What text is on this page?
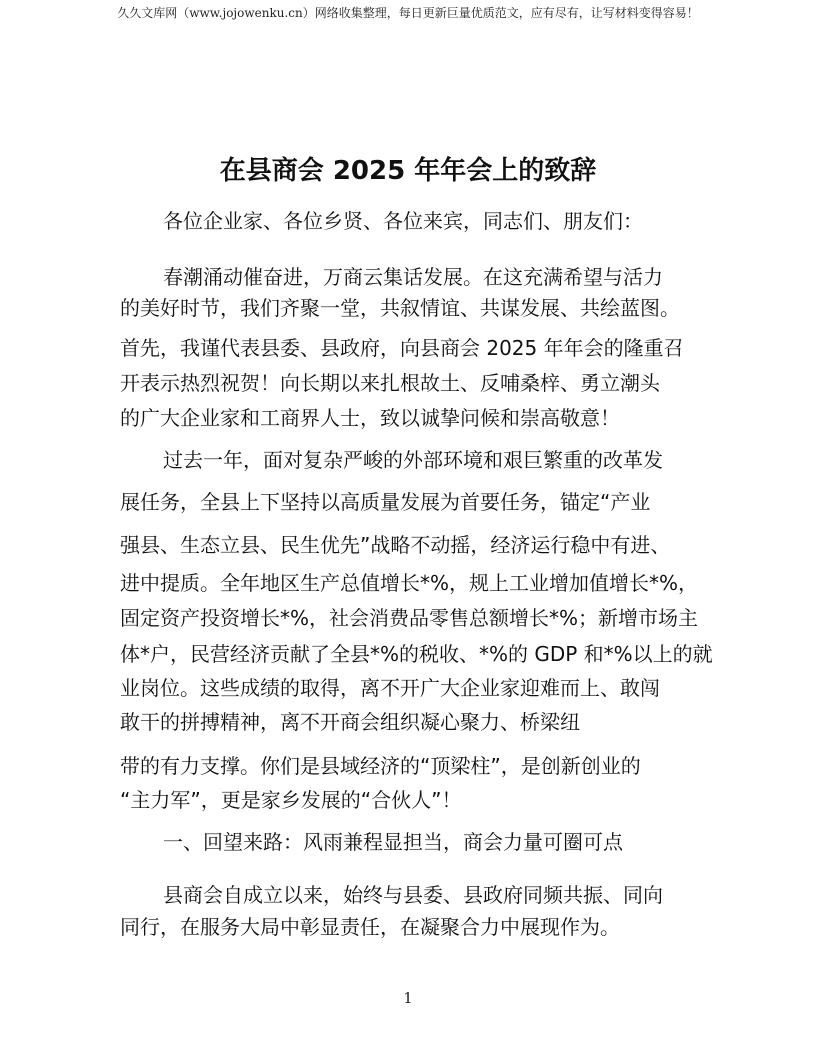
久久文库网（www.jojowenku.cn）网络收集整理，每日更新巨量优质范文，应有尽有，让写材料变得容易！
在县商会 2025 年年会上的致辞
各位企业家、各位乡贤、各位来宾，同志们、朋友们：
春潮涌动催奋进，万商云集话发展。在这充满希望与活力
的美好时节，我们齐聚一堂，共叙情谊、共谋发展、共绘蓝图。
首先，我谨代表县委、县政府，向县商会 2025 年年会的隆重召
开表示热烈祝贺！向长期以来扎根故土、反哺桑梓、勇立潮头
的广大企业家和工商界人士，致以诚挚问候和崇高敬意！
过去一年，面对复杂严峻的外部环境和艰巨繁重的改革发
展任务，全县上下坚持以高质量发展为首要任务，锚定“产业
强县、生态立县、民生优先”战略不动摇，经济运行稳中有进、
进中提质。全年地区生产总值增长*%，规上工业增加值增长*%，
固定资产投资增长*%，社会消费品零售总额增长*%；新增市场主
体*户，民营经济贡献了全县*%的税收、*%的 GDP 和*%以上的就
业岗位。这些成绩的取得，离不开广大企业家迎难而上、敢闯
敢干的拼搏精神，离不开商会组织凝心聚力、桥梁纽
带的有力支撑。你们是县域经济的“顶梁柱”，是创新创业的
“主力军”，更是家乡发展的“合伙人”！
一、回望来路：风雨兼程显担当，商会力量可圈可点
县商会自成立以来，始终与县委、县政府同频共振、同向
同行，在服务大局中彰显责任，在凝聚合力中展现作为。
1
